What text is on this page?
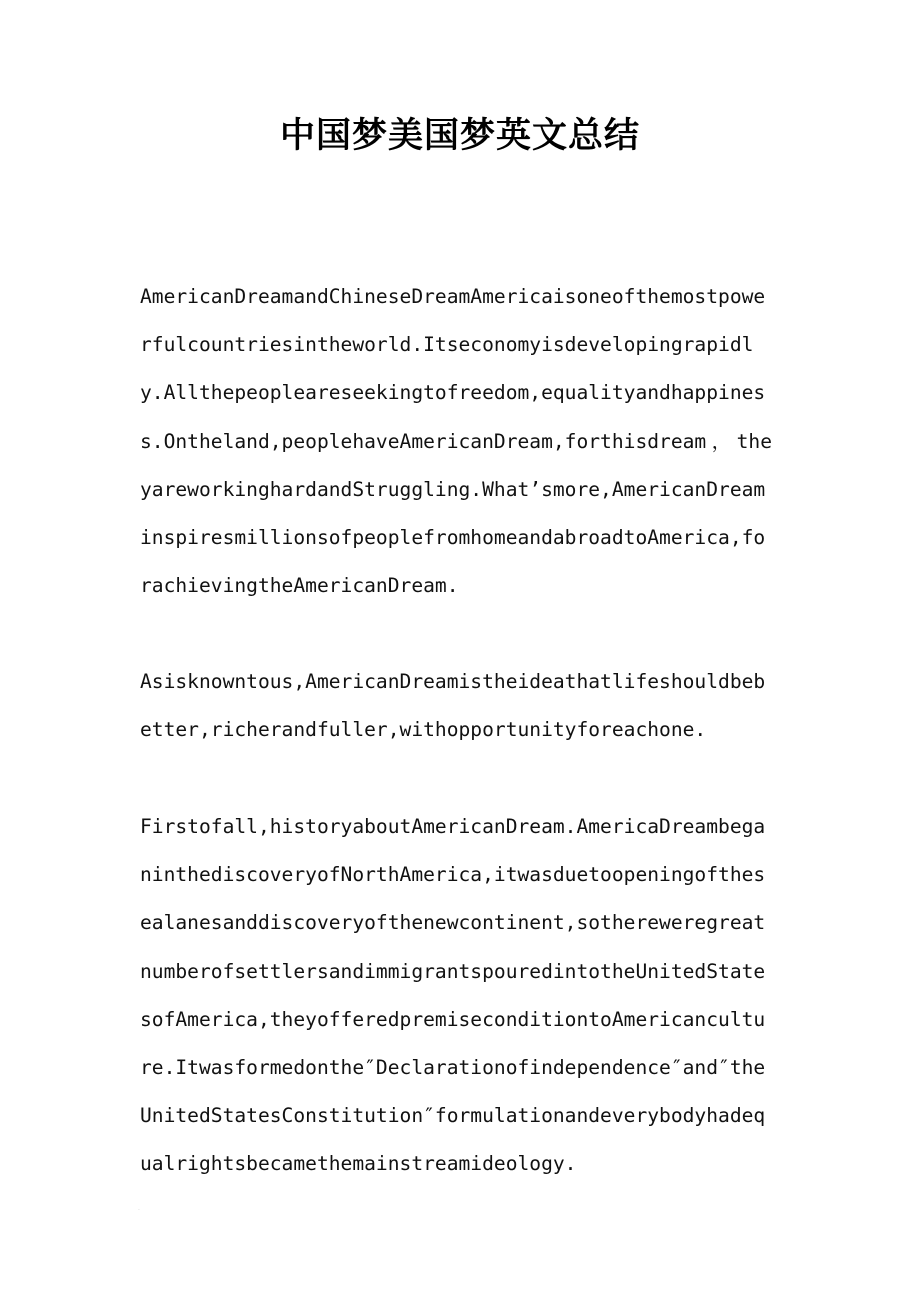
中国梦美国梦英文总结
AmericanDreamandChineseDreamAmericaisoneofthemostpowerfulcountriesintheworld.Itseconomyisdevelopingrapidly.Allthepeopleareseekingtofreedom,equalityandhappiness.Ontheland,peoplehaveAmericanDream,forthisdream，theyareworkinghardandStruggling.What’smore,AmericanDreaminspiresmillionsofpeoplefromhomeandabroadtoAmerica,forachievingtheAmericanDream.
Asisknowntous,AmericanDreamistheideathatlifeshouldbebetter,richerandfuller,withopportunityforeachone.
Firstofall,historyaboutAmericanDream.AmericaDreambeganinthediscoveryofNorthAmerica,itwasduetoopeningofthesealanesanddiscoveryofthenewcontinent,sothereweregreatnumberofsettlersandimmigrantspouredintotheUnitedStatesofAmerica,theyofferedpremiseconditiontoAmericanculture.Itwasformedonthe″Declarationofindependence″and″theUnitedStatesConstitution″formulationandeverybodyhadequalrightsbecamethemainstreamideology.
.
